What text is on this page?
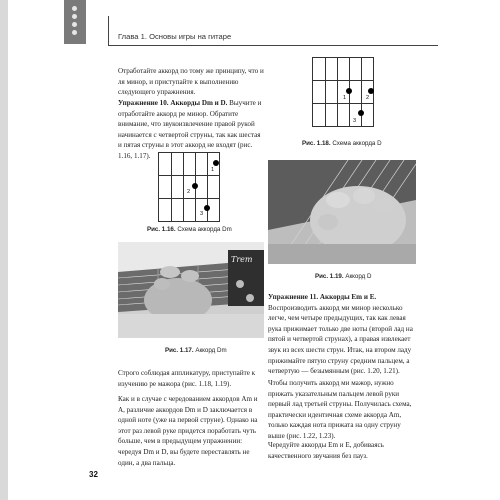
Глава 1. Основы игры на гитаре

Отработайте аккорд по тому же принципу, что и ля минор, и приступайте к выполнению следующего упражнения.

Упражнение 10. Аккорды Dm и D. Выучите и отработайте аккорд ре минор. Обратите внимание, что звукоизвлечение правой рукой начинается с четвертой струны, так как шестая и пятая струны в этот аккорд не входят (рис. 1.16, 1.17).

1
2
3
Рис. 1.16. Схема аккорда Dm
Trem
Рис. 1.17. Аккорд Dm

Строго соблюдая аппликатуру, приступайте к изучению ре мажора (рис. 1.18, 1.19).

Как и в случае с чередованием аккордов Am и A, различие аккордов Dm и D заключается в одной ноте (уже на первой струне). Однако на этот раз левой руке придется поработать чуть больше, чем в предыдущем упражнении: чередуя Dm и D, вы будете переставлять не один, а два пальца.

1	2
3
Рис. 1.18. Схема аккорда D
Рис. 1.19. Аккорд D

Упражнение 11. Аккорды Em и E. Воспроизводить аккорд ми минор несколько легче, чем четыре предыдущих, так как левая рука прижимает только две ноты (второй лад на пятой и четвертой струнах), а правая извлекает звук из всех шести струн. Итак, на втором ладу прижимайте пятую струну средним пальцем, а четвертую — безымянным (рис. 1.20, 1.21).

Чтобы получить аккорд ми мажор, нужно прижать указательным пальцем левой руки первый лад третьей струны. Получилась схема, практически идентичная схеме аккорда Am, только каждая нота прижата на одну струну выше (рис. 1.22, 1.23).

Чередуйте аккорды Em и E, добиваясь качественного звучания без пауз.

32
